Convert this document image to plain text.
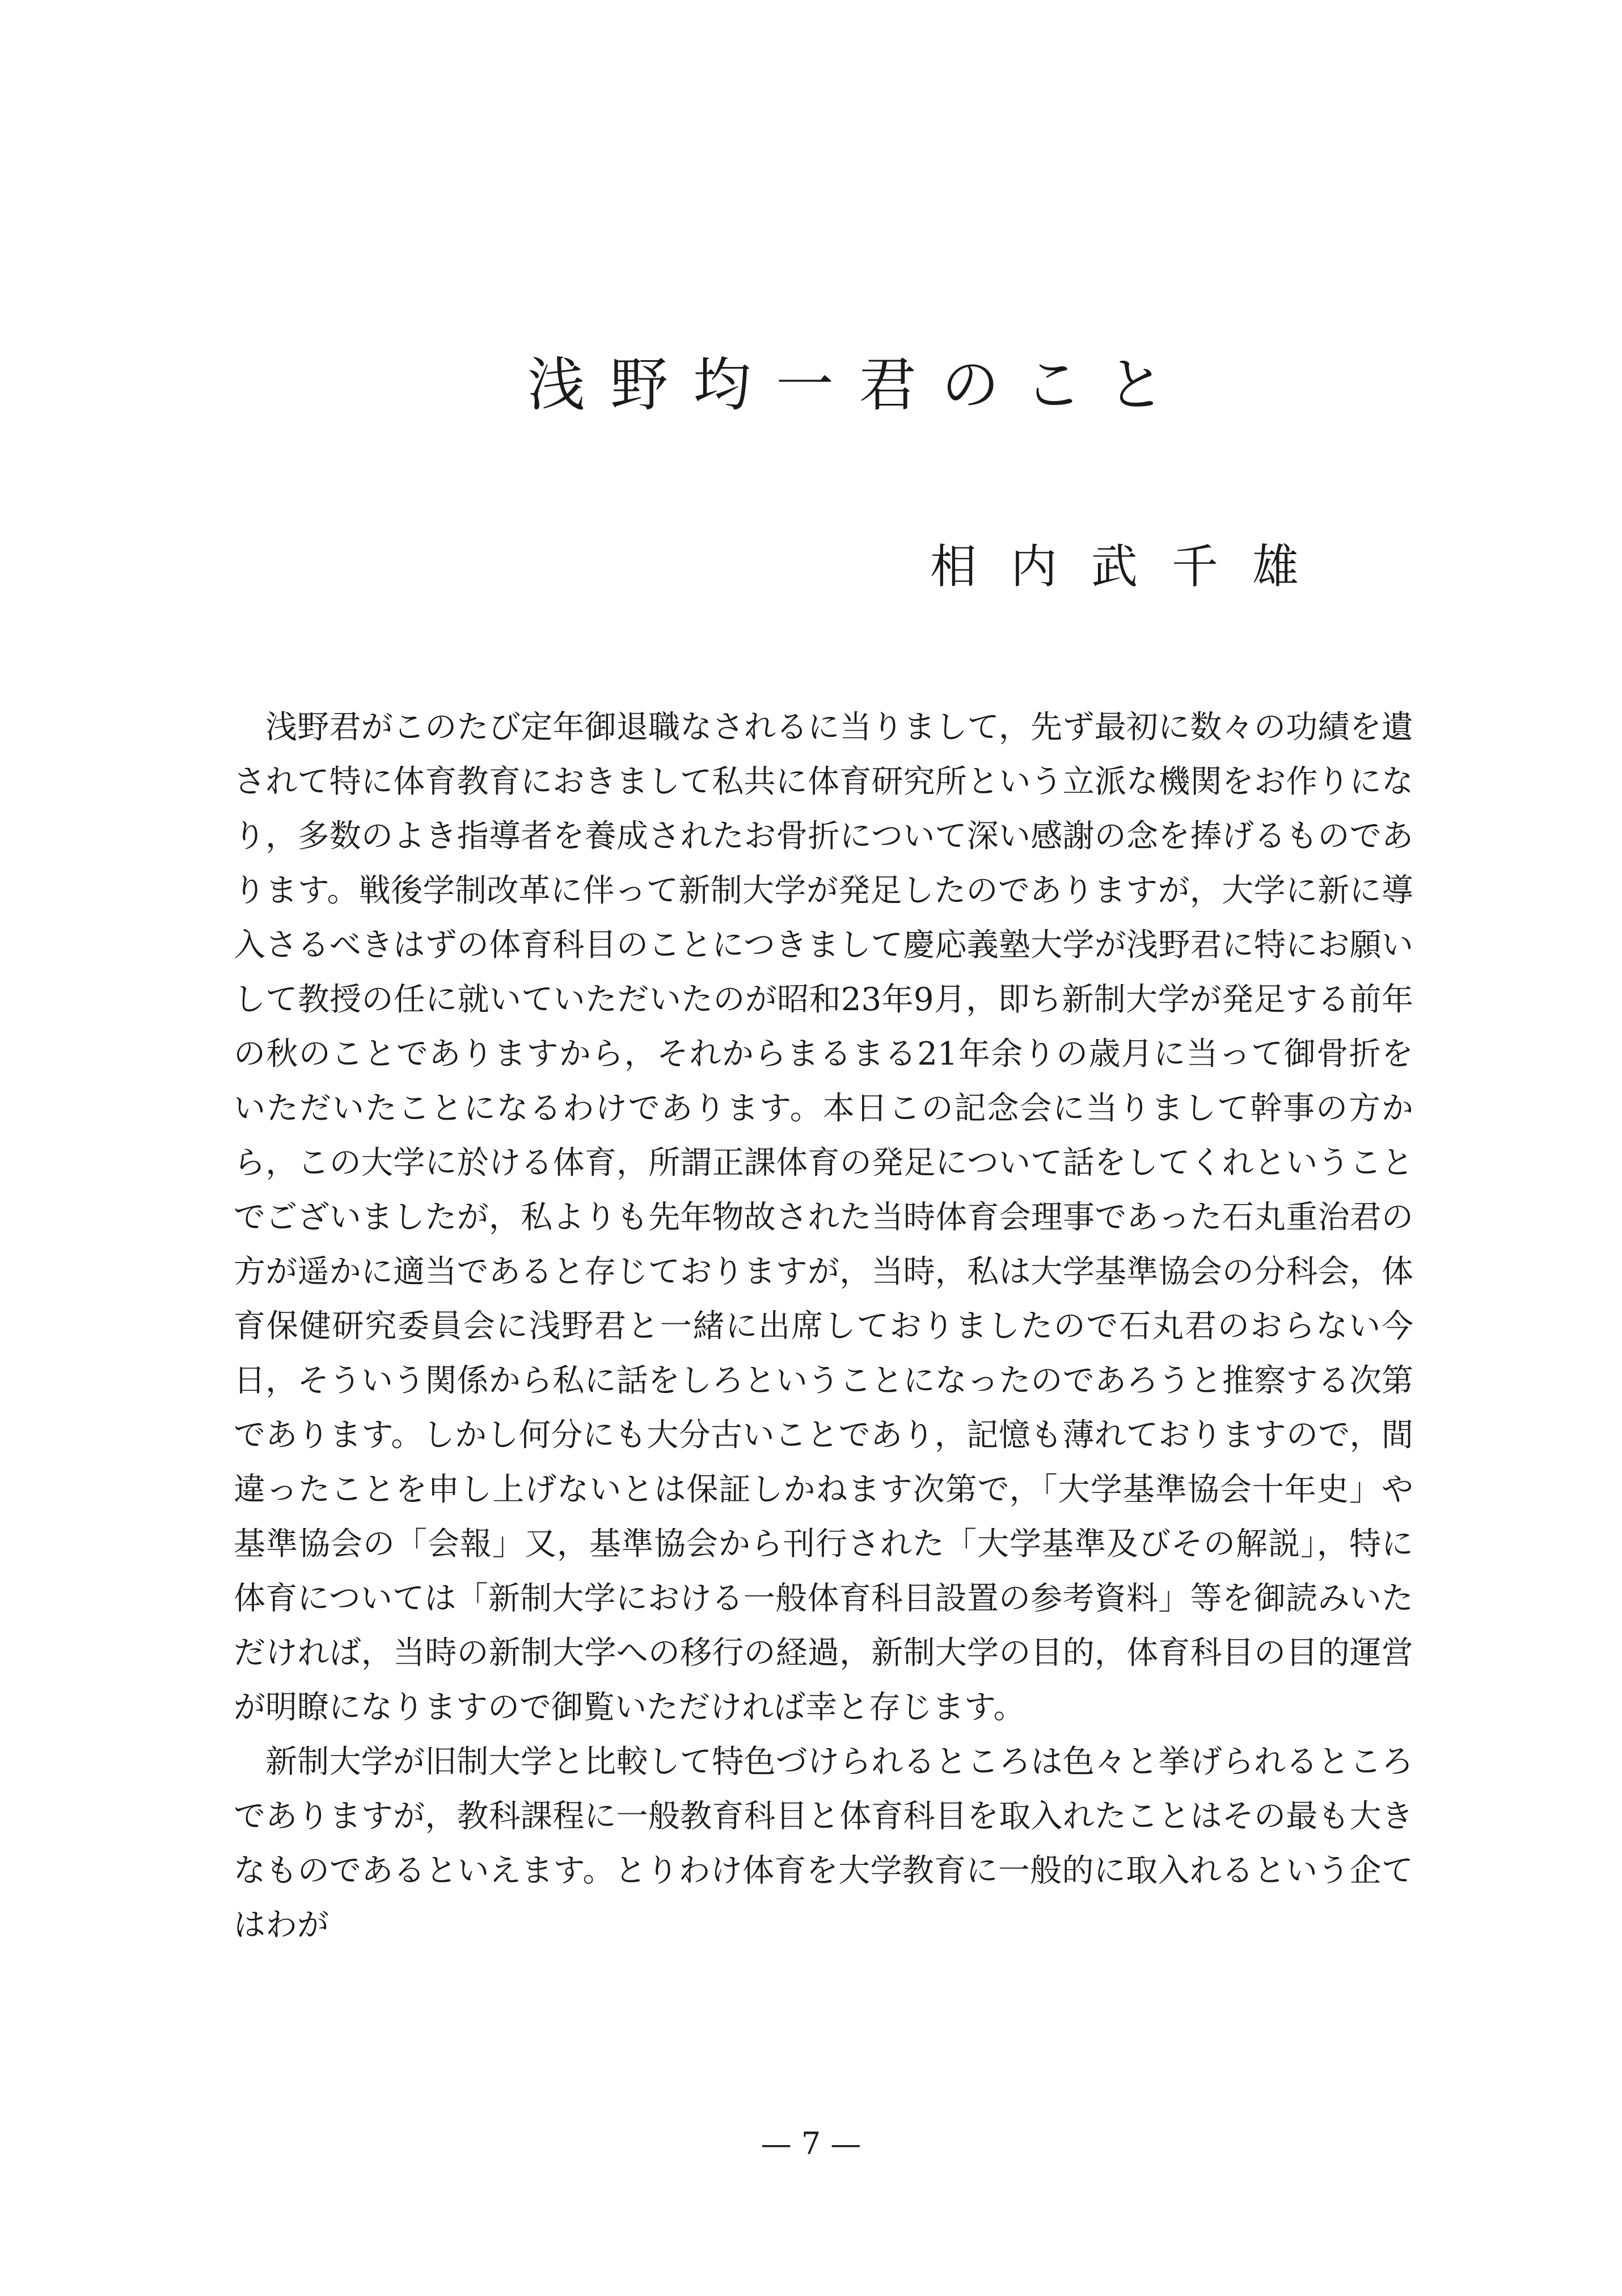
浅野均一君のこと
相内武千雄

浅野君がこのたび定年御退職なされるに当りまして，先ず最初に数々の功績を遺されて特に体育教育におきまして私共に体育研究所という立派な機関をお作りになり，多数のよき指導者を養成されたお骨折について深い感謝の念を捧げるものであります。戦後学制改革に伴って新制大学が発足したのでありますが，大学に新に導入さるべきはずの体育科目のことにつきまして慶応義塾大学が浅野君に特にお願いして教授の任に就いていただいたのが昭和23年9月，即ち新制大学が発足する前年の秋のことでありますから，それからまるまる21年余りの歳月に当って御骨折をいただいたことになるわけであります。本日この記念会に当りまして幹事の方から，この大学に於ける体育，所謂正課体育の発足について話をしてくれということでございましたが，私よりも先年物故された当時体育会理事であった石丸重治君の方が遥かに適当であると存じておりますが，当時，私は大学基準協会の分科会，体育保健研究委員会に浅野君と一緒に出席しておりましたので石丸君のおらない今日，そういう関係から私に話をしろということになったのであろうと推察する次第であります。しかし何分にも大分古いことであり，記憶も薄れておりますので，間違ったことを申し上げないとは保証しかねます次第で，「大学基準協会十年史」や基準協会の「会報」又，基準協会から刊行された「大学基準及びその解説」，特に体育については「新制大学における一般体育科目設置の参考資料」等を御読みいただければ，当時の新制大学への移行の経過，新制大学の目的，体育科目の目的運営が明瞭になりますので御覧いただければ幸と存じます。

新制大学が旧制大学と比較して特色づけられるところは色々と挙げられるところでありますが，教科課程に一般教育科目と体育科目を取入れたことはその最も大きなものであるといえます。とりわけ体育を大学教育に一般的に取入れるという企てはわが

— 7 —
